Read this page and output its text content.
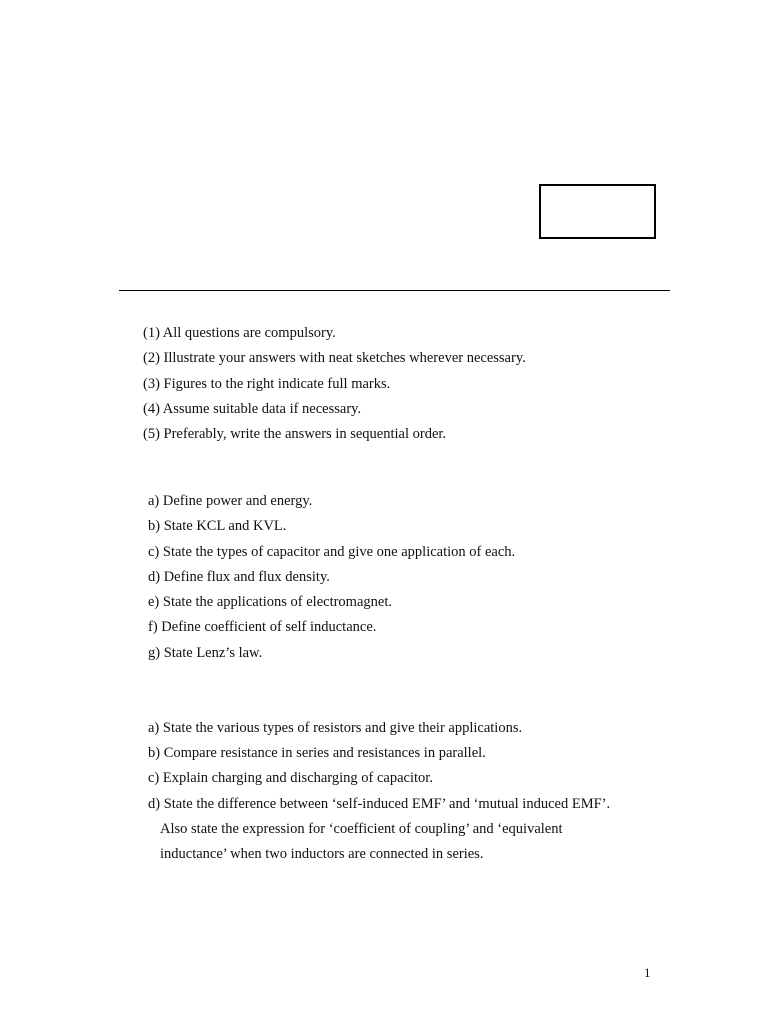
(1) All questions are compulsory.

(2) Illustrate your answers with neat sketches wherever necessary.

(3) Figures to the right indicate full marks.

(4) Assume suitable data if necessary.

(5) Preferably, write the answers in sequential order.

a) Define power and energy.

b) State KCL and KVL.

c) State the types of capacitor and give one application of each.

d) Define flux and flux density.

e) State the applications of electromagnet.

f) Define coefficient of self inductance.

g) State Lenz’s law.

a) State the various types of resistors and give their applications.

b) Compare resistance in series and resistances in parallel.

c) Explain charging and discharging of capacitor.

d) State the difference between ‘self-induced EMF’ and ‘mutual induced EMF’.

Also state the expression for ‘coefficient of coupling’ and ‘equivalent

inductance’ when two inductors are connected in series.

1
